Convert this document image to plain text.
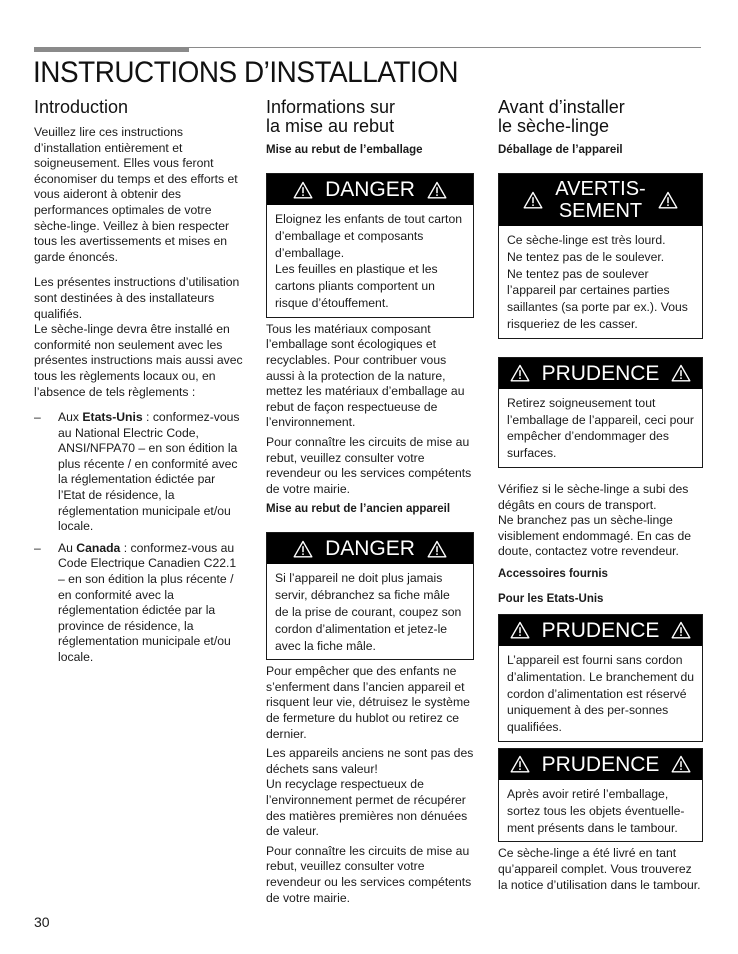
INSTRUCTIONS D’INSTALLATION
Introduction

Veuillez lire ces instructions d’installation entièrement et soigneusement. Elles vous feront économiser du temps et des efforts et vous aideront à obtenir des performances optimales de votre sèche-linge. Veillez à bien respecter tous les avertissements et mises en garde énoncés.

Les présentes instructions d’utilisation sont destinées à des installateurs qualifiés.
Le sèche-linge devra être installé en conformité non seulement avec les présentes instructions mais aussi avec tous les règlements locaux ou, en l’absence de tels règlements :

– Aux Etats-Unis : conformez-vous au National Electric Code, ANSI/NFPA70 – en son édition la plus récente / en conformité avec la réglementation édictée par l’Etat de résidence, la réglementation municipale et/ou locale.
– Au Canada : conformez-vous au Code Electrique Canadien C22.1 – en son édition la plus récente / en conformité avec la réglementation édictée par la province de résidence, la réglementation municipale et/ou locale.
Informations sur
la mise au rebut
Mise au rebut de l’emballage
DANGER

Eloignez les enfants de tout carton d’emballage et composants d’emballage.

Les feuilles en plastique et les cartons pliants comportent un risque d’étouffement.

Tous les matériaux composant l’emballage sont écologiques et recyclables. Pour contribuer vous aussi à la protection de la nature, mettez les matériaux d’emballage au rebut de façon respectueuse de l’environnement.

Pour connaître les circuits de mise au rebut, veuillez consulter votre revendeur ou les services compétents de votre mairie.

Mise au rebut de l’ancien appareil
DANGER

Si l’appareil ne doit plus jamais servir, débranchez sa fiche mâle de la prise de courant, coupez son cordon d’alimentation et jetez-le avec la fiche mâle.

Pour empêcher que des enfants ne s’enferment dans l’ancien appareil et risquent leur vie, détruisez le système de fermeture du hublot ou retirez ce dernier.

Les appareils anciens ne sont pas des déchets sans valeur!
Un recyclage respectueux de l’environnement permet de récupérer des matières premières non dénuées de valeur.

Pour connaître les circuits de mise au rebut, veuillez consulter votre revendeur ou les services compétents de votre mairie.

Avant d’installer
le sèche-linge
Déballage de l’appareil
AVERTIS-
SEMENT

Ce sèche-linge est très lourd.

Ne tentez pas de le soulever.

Ne tentez pas de soulever l’appareil par certaines parties saillantes (sa porte par ex.). Vous risqueriez de les casser.

PRUDENCE

Retirez soigneusement tout l’emballage de l’appareil, ceci pour empêcher d’endommager des surfaces.

Vérifiez si le sèche-linge a subi des dégâts en cours de transport.
Ne branchez pas un sèche-linge visiblement endommagé. En cas de doute, contactez votre revendeur.

Accessoires fournis
Pour les Etats-Unis
PRUDENCE

L’appareil est fourni sans cordon d’alimentation. Le branchement du cordon d’alimentation est réservé uniquement à des per-sonnes qualifiées.

PRUDENCE

Après avoir retiré l’emballage, sortez tous les objets éventuelle-ment présents dans le tambour.

Ce sèche-linge a été livré en tant qu’appareil complet. Vous trouverez la notice d’utilisation dans le tambour.

30
